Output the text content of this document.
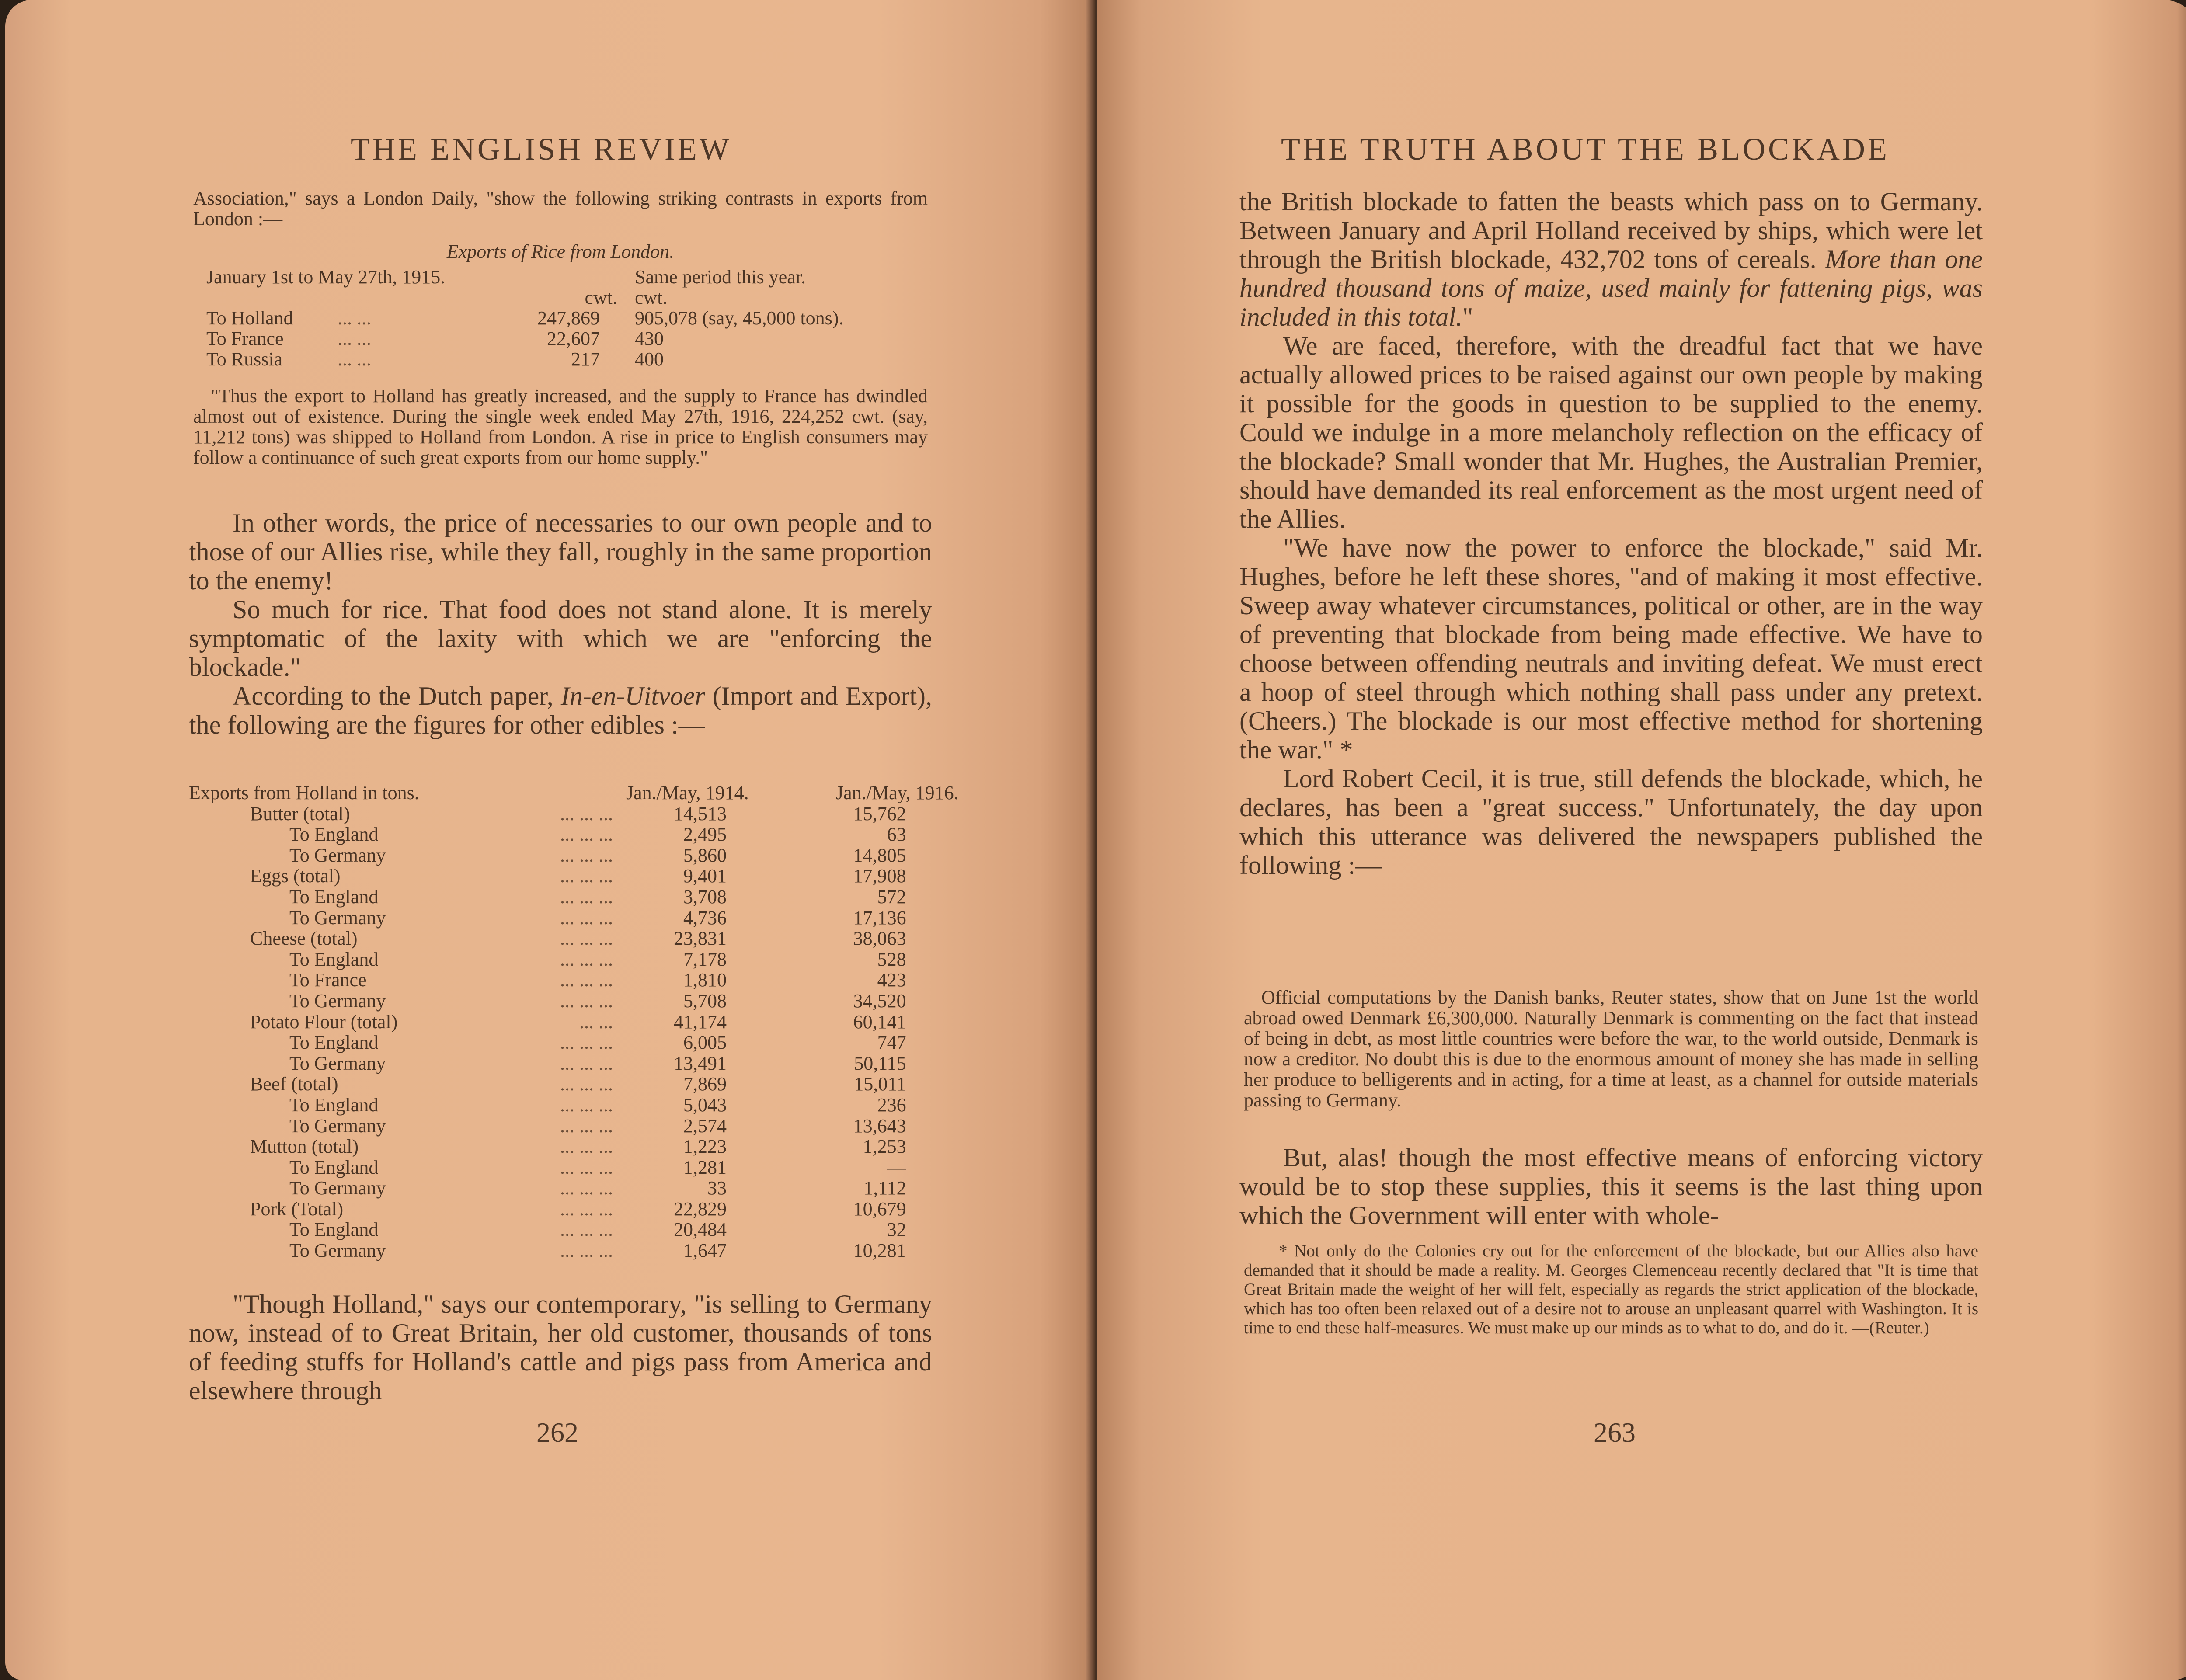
THE ENGLISH REVIEW

Association," says a London Daily, "show the following striking contrasts in exports from London :—

Exports of Rice from London.
January 1st to May 27th, 1915.			Same period this year.
		cwt.	cwt.
To Holland	... ...	247,869	905,078 (say, 45,000 tons).
To France	... ...	22,607	430
To Russia	... ...	217	400

"Thus the export to Holland has greatly increased, and the supply to France has dwindled almost out of existence. During the single week ended May 27th, 1916, 224,252 cwt. (say, 11,212 tons) was shipped to Holland from London. A rise in price to English consumers may follow a continuance of such great exports from our home supply."

In other words, the price of necessaries to our own people and to those of our Allies rise, while they fall, roughly in the same proportion to the enemy!

So much for rice. That food does not stand alone. It is merely symptomatic of the laxity with which we are "enforcing the blockade."

According to the Dutch paper, In-en-Uitvoer (Import and Export), the following are the figures for other edibles :—

Exports from Holland in tons.		Jan./May, 1914.	Jan./May, 1916.
Butter (total)	... ... ...	14,513	15,762
To England	... ... ...	2,495	63
To Germany	... ... ...	5,860	14,805
Eggs (total)	... ... ...	9,401	17,908
To England	... ... ...	3,708	572
To Germany	... ... ...	4,736	17,136
Cheese (total)	... ... ...	23,831	38,063
To England	... ... ...	7,178	528
To France	... ... ...	1,810	423
To Germany	... ... ...	5,708	34,520
Potato Flour (total)	... ...	41,174	60,141
To England	... ... ...	6,005	747
To Germany	... ... ...	13,491	50,115
Beef (total)	... ... ...	7,869	15,011
To England	... ... ...	5,043	236
To Germany	... ... ...	2,574	13,643
Mutton (total)	... ... ...	1,223	1,253
To England	... ... ...	1,281	—
To Germany	... ... ...	33	1,112
Pork (Total)	... ... ...	22,829	10,679
To England	... ... ...	20,484	32
To Germany	... ... ...	1,647	10,281

"Though Holland," says our contemporary, "is selling to Germany now, instead of to Great Britain, her old customer, thousands of tons of feeding stuffs for Holland's cattle and pigs pass from America and elsewhere through

262
THE TRUTH ABOUT THE BLOCKADE

the British blockade to fatten the beasts which pass on to Germany. Between January and April Holland received by ships, which were let through the British blockade, 432,702 tons of cereals. More than one hundred thousand tons of maize, used mainly for fattening pigs, was included in this total."

We are faced, therefore, with the dreadful fact that we have actually allowed prices to be raised against our own people by making it possible for the goods in question to be supplied to the enemy. Could we indulge in a more melancholy reflection on the efficacy of the blockade? Small wonder that Mr. Hughes, the Australian Premier, should have demanded its real enforcement as the most urgent need of the Allies.

"We have now the power to enforce the blockade," said Mr. Hughes, before he left these shores, "and of making it most effective. Sweep away whatever circumstances, political or other, are in the way of preventing that blockade from being made effective. We have to choose between offending neutrals and inviting defeat. We must erect a hoop of steel through which nothing shall pass under any pretext. (Cheers.) The blockade is our most effective method for shortening the war." *

Lord Robert Cecil, it is true, still defends the blockade, which, he declares, has been a "great success." Unfortunately, the day upon which this utterance was delivered the newspapers published the following :—

Official computations by the Danish banks, Reuter states, show that on June 1st the world abroad owed Denmark £6,300,000. Naturally Denmark is commenting on the fact that instead of being in debt, as most little countries were before the war, to the world outside, Denmark is now a creditor. No doubt this is due to the enormous amount of money she has made in selling her produce to belligerents and in acting, for a time at least, as a channel for outside materials passing to Germany.

But, alas! though the most effective means of enforcing victory would be to stop these supplies, this it seems is the last thing upon which the Government will enter with whole-

* Not only do the Colonies cry out for the enforcement of the blockade, but our Allies also have demanded that it should be made a reality. M. Georges Clemenceau recently declared that "It is time that Great Britain made the weight of her will felt, especially as regards the strict application of the blockade, which has too often been relaxed out of a desire not to arouse an unpleasant quarrel with Washington. It is time to end these half-measures. We must make up our minds as to what to do, and do it. —(Reuter.)

263
